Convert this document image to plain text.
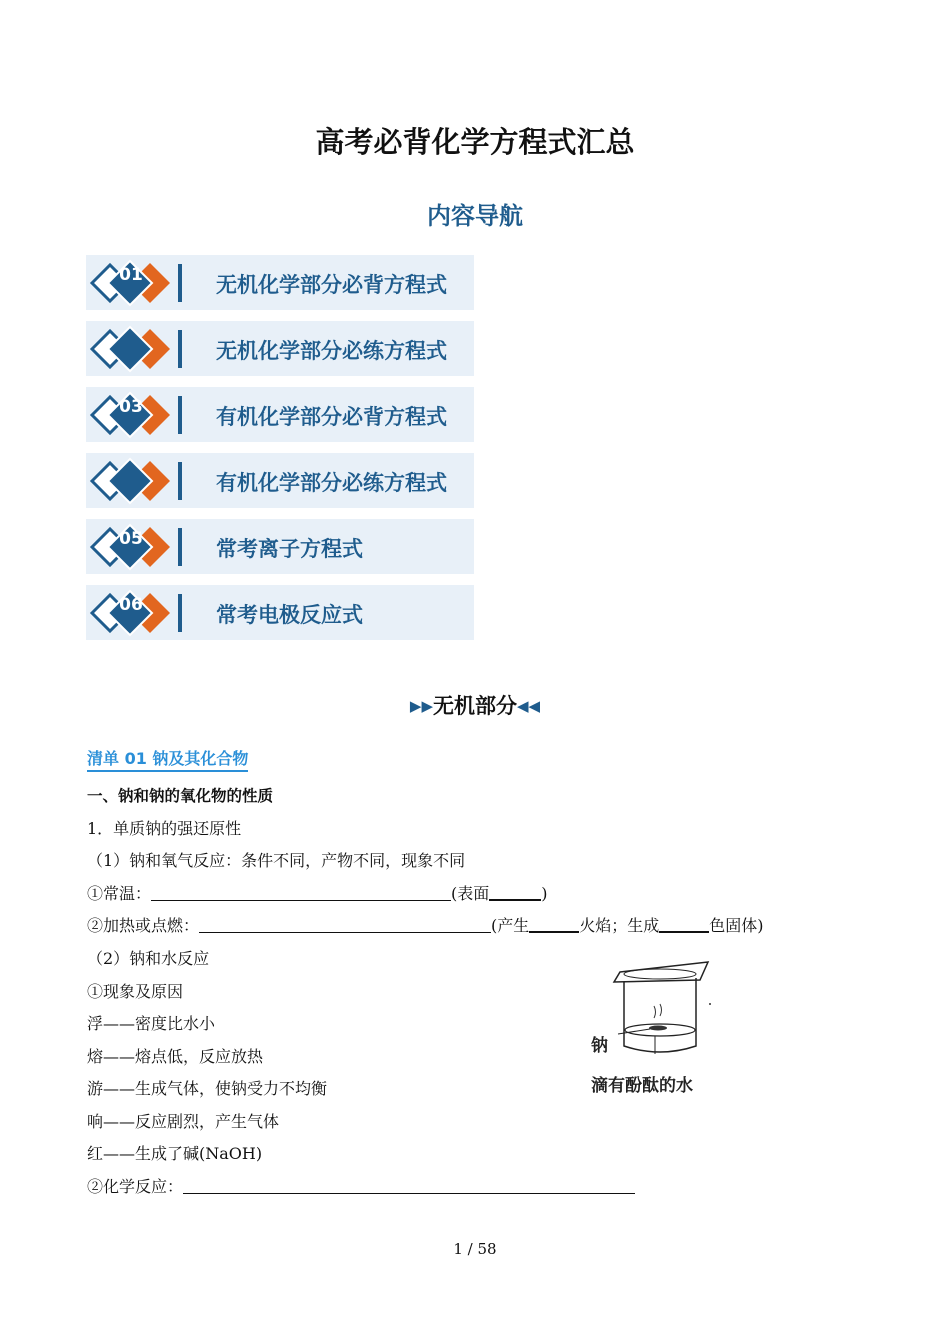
高考必背化学方程式汇总
内容导航
01	无机化学部分必背方程式
无机化学部分必练方程式
03	有机化学部分必背方程式
有机化学部分必练方程式
05	常考离子方程式
06	常考电极反应式
▶▶无机部分◀◀
清单 01 钠及其化合物
一、钠和钠的氧化物的性质
1．单质钠的强还原性
（1）钠和氧气反应：条件不同，产物不同，现象不同
①常温：	(表面	)
②加热或点燃：	(产生	火焰；生成	色固体)
（2）钠和水反应
①现象及原因
浮——密度比水小
熔——熔点低，反应放热
游——生成气体，使钠受力不均衡
响——反应剧烈，产生气体
红——生成了碱(NaOH)
②化学反应：
钠
滴有酚酞的水
1 / 58
